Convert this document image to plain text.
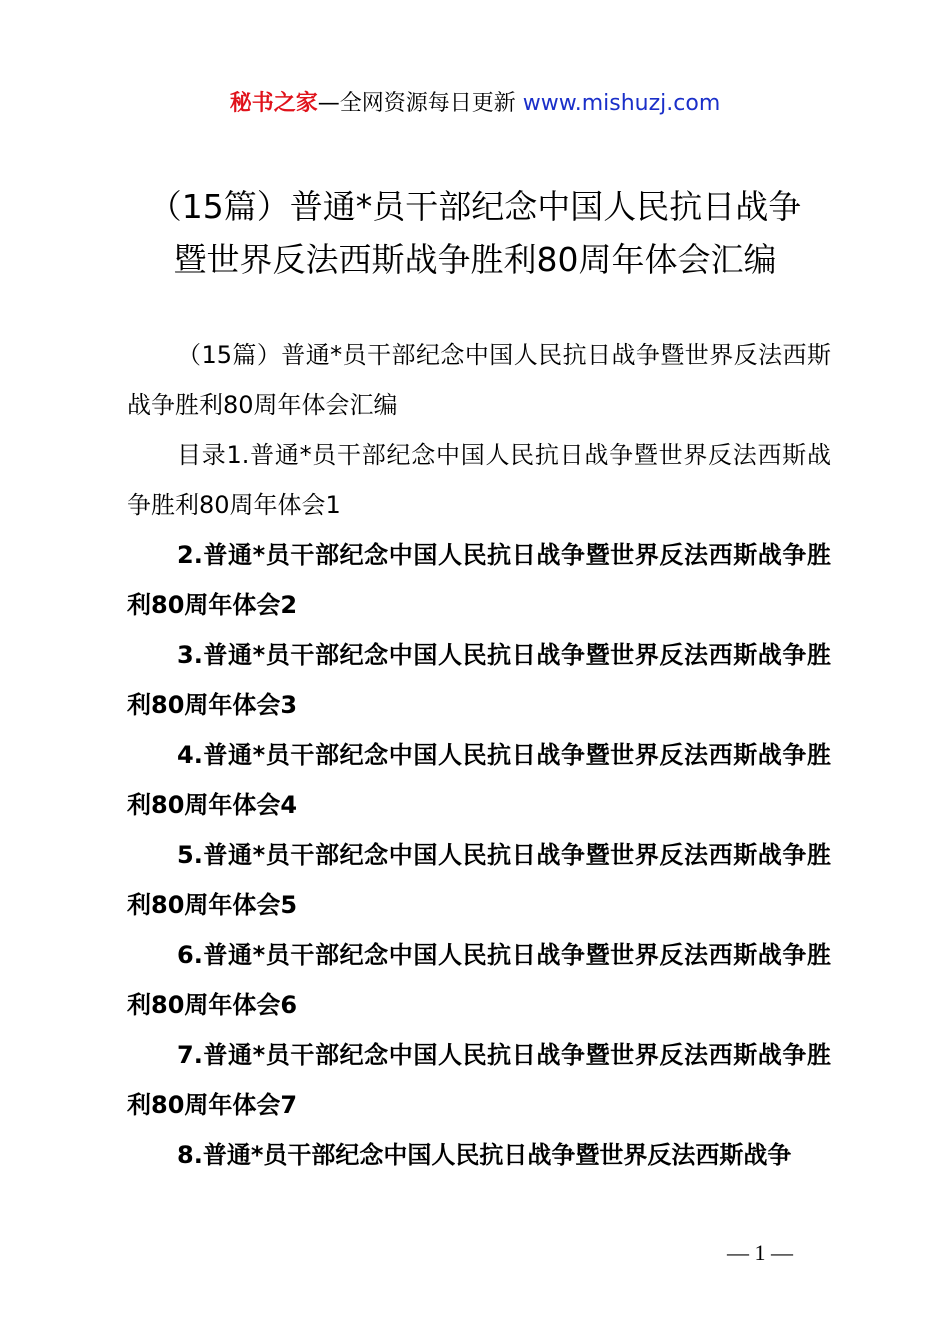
秘书之家—全网资源每日更新 www.mishuzj.com
（15篇）普通*员干部纪念中国人民抗日战争
暨世界反法西斯战争胜利80周年体会汇编

（15篇）普通*员干部纪念中国人民抗日战争暨世界反法西斯战争胜利80周年体会汇编

目录1.普通*员干部纪念中国人民抗日战争暨世界反法西斯战争胜利80周年体会1

2.普通*员干部纪念中国人民抗日战争暨世界反法西斯战争胜利80周年体会2

3.普通*员干部纪念中国人民抗日战争暨世界反法西斯战争胜利80周年体会3

4.普通*员干部纪念中国人民抗日战争暨世界反法西斯战争胜利80周年体会4

5.普通*员干部纪念中国人民抗日战争暨世界反法西斯战争胜利80周年体会5

6.普通*员干部纪念中国人民抗日战争暨世界反法西斯战争胜利80周年体会6

7.普通*员干部纪念中国人民抗日战争暨世界反法西斯战争胜利80周年体会7

8.普通*员干部纪念中国人民抗日战争暨世界反法西斯战争

— 1 —
